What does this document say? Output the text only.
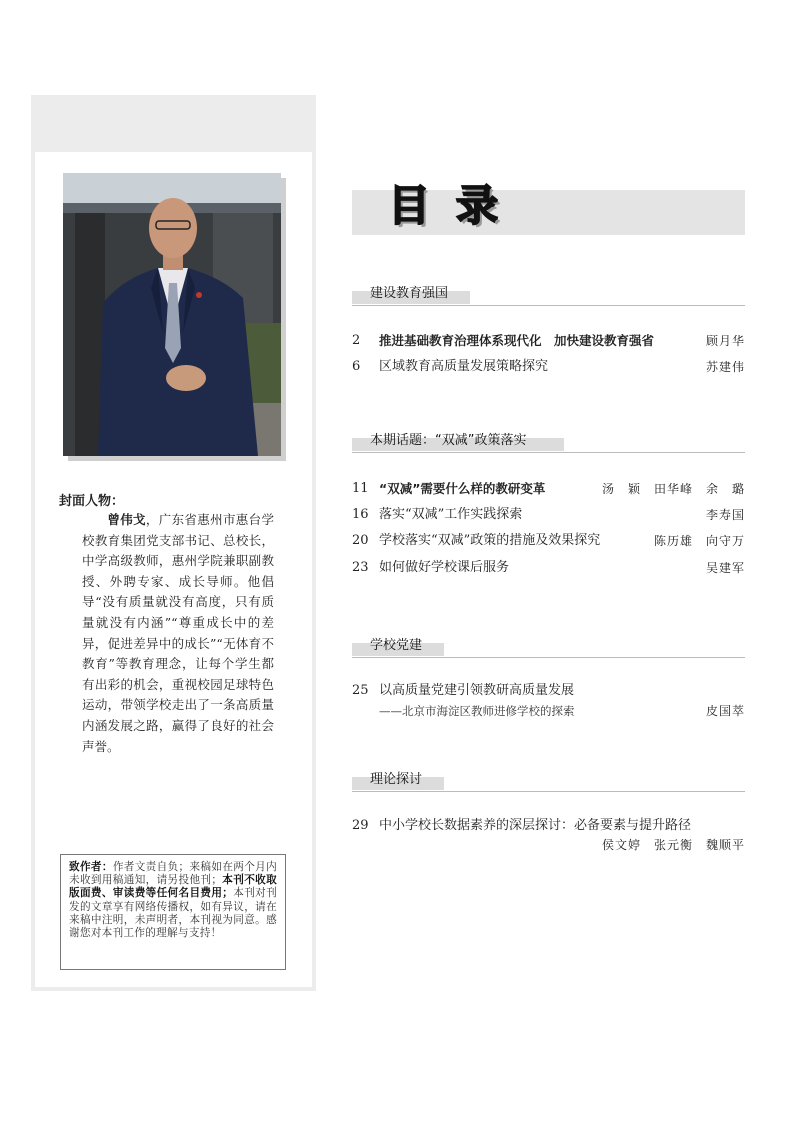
封面人物：
曾伟戈，广东省惠州市惠台学校教育集团党支部书记、总校长，中学高级教师，惠州学院兼职副教授、外聘专家、成长导师。他倡导“没有质量就没有高度，只有质量就没有内涵”“尊重成长中的差异，促进差异中的成长”“无体育不教育”等教育理念，让每个学生都有出彩的机会，重视校园足球特色运动，带领学校走出了一条高质量内涵发展之路，赢得了良好的社会声誉。
致作者：作者文责自负；来稿如在两个月内未收到用稿通知，请另投他刊；本刊不收取版面费、审读费等任何名目费用；本刊对刊发的文章享有网络传播权，如有异议，请在来稿中注明，未声明者，本刊视为同意。感谢您对本刊工作的理解与支持！
目录
建设教育强国
2 推进基础教育治理体系现代化　加快建设教育强省	顾月华
6 区域教育高质量发展策略探究	苏建伟
本期话题：“双减”政策落实
11 “双减”需要什么样的教研变革	汤　颖　田华峰　余　璐
16 落实“双减”工作实践探索	李寿国
20 学校落实“双减”政策的措施及效果探究	陈历雄　向守万
23 如何做好学校课后服务	吴建军
学校党建
25 以高质量党建引领教研高质量发展
——北京市海淀区教师进修学校的探索	皮国萃
理论探讨
29 中小学校长数据素养的深层探讨：必备要素与提升路径
侯文婷　张元衡　魏顺平
